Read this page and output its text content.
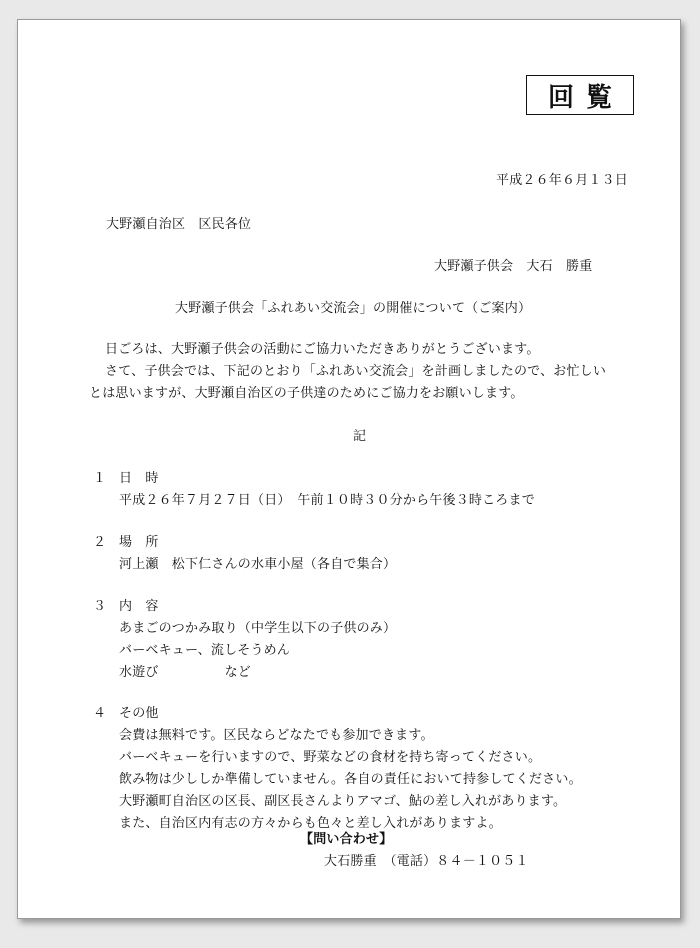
回覧
平成２６年６月１３日
大野瀬自治区　区民各位
大野瀬子供会　大石　勝重
大野瀬子供会「ふれあい交流会」の開催について（ご案内）
日ごろは、大野瀬子供会の活動にご協力いただきありがとうございます。
さて、子供会では、下記のとおり「ふれあい交流会」を計画しましたので、お忙しい
とは思いますが、大野瀬自治区の子供達のためにご協力をお願いします。
記
１ 日　時
平成２６年７月２７日（日）　午前１０時３０分から午後３時ころまで
２ 場　所
河上瀬　松下仁さんの水車小屋（各自で集合）
３ 内　容
あまごのつかみ取り（中学生以下の子供のみ）
バーベキュー、流しそうめん
水遊び　　　　　など
４ その他
会費は無料です。区民ならどなたでも参加できます。
バーベキューを行いますので、野菜などの食材を持ち寄ってください。
飲み物は少ししか準備していません。各自の責任において持参してください。
大野瀬町自治区の区長、副区長さんよりアマゴ、鮎の差し入れがあります。
また、自治区内有志の方々からも色々と差し入れがありますよ。
【問い合わせ】
大石勝重　（電話）８４－１０５１
